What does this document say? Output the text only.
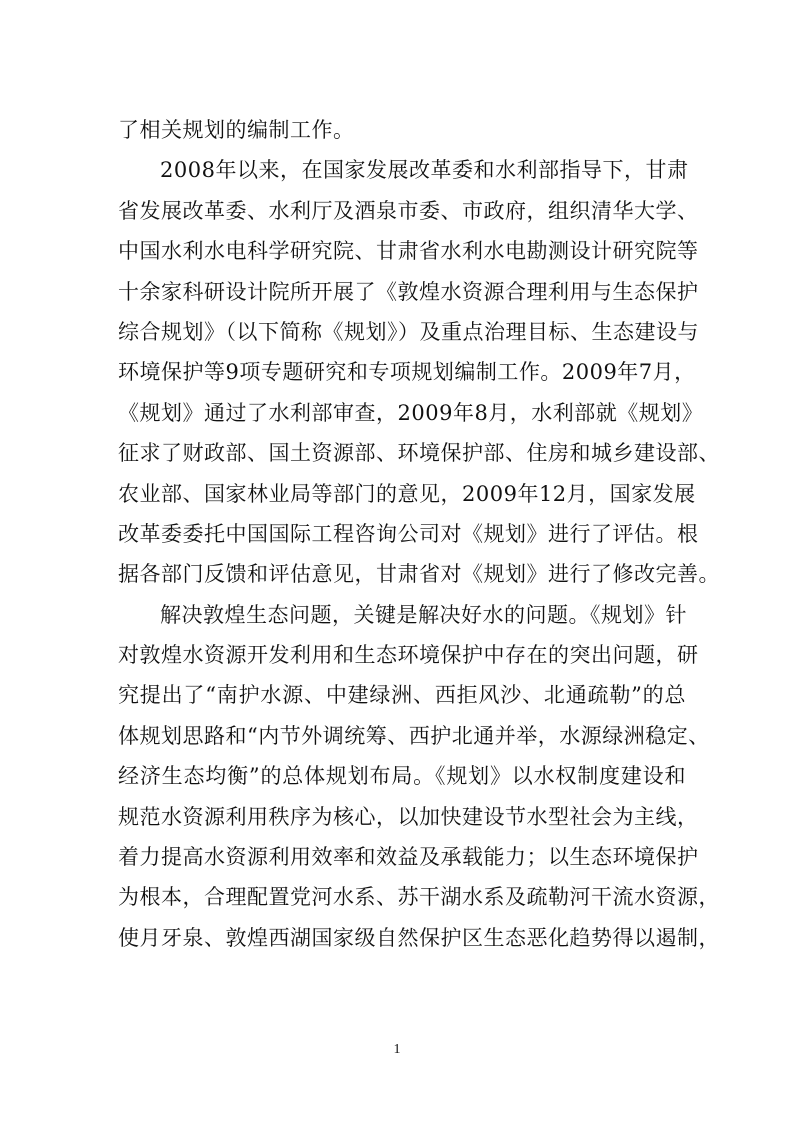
了相关规划的编制工作。
2008年以来，在国家发展改革委和水利部指导下，甘肃
省发展改革委、水利厅及酒泉市委、市政府，组织清华大学、
中国水利水电科学研究院、甘肃省水利水电勘测设计研究院等
十余家科研设计院所开展了《敦煌水资源合理利用与生态保护
综合规划》（以下简称《规划》）及重点治理目标、生态建设与
环境保护等9项专题研究和专项规划编制工作。2009年7月，
《规划》通过了水利部审查，2009年8月，水利部就《规划》
征求了财政部、国土资源部、环境保护部、住房和城乡建设部、
农业部、国家林业局等部门的意见，2009年12月，国家发展
改革委委托中国国际工程咨询公司对《规划》进行了评估。根
据各部门反馈和评估意见，甘肃省对《规划》进行了修改完善。
解决敦煌生态问题，关键是解决好水的问题。《规划》针
对敦煌水资源开发利用和生态环境保护中存在的突出问题，研
究提出了“南护水源、中建绿洲、西拒风沙、北通疏勒”的总
体规划思路和“内节外调统筹、西护北通并举，水源绿洲稳定、
经济生态均衡”的总体规划布局。《规划》以水权制度建设和
规范水资源利用秩序为核心，以加快建设节水型社会为主线，
着力提高水资源利用效率和效益及承载能力；以生态环境保护
为根本，合理配置党河水系、苏干湖水系及疏勒河干流水资源，
使月牙泉、敦煌西湖国家级自然保护区生态恶化趋势得以遏制，
1
